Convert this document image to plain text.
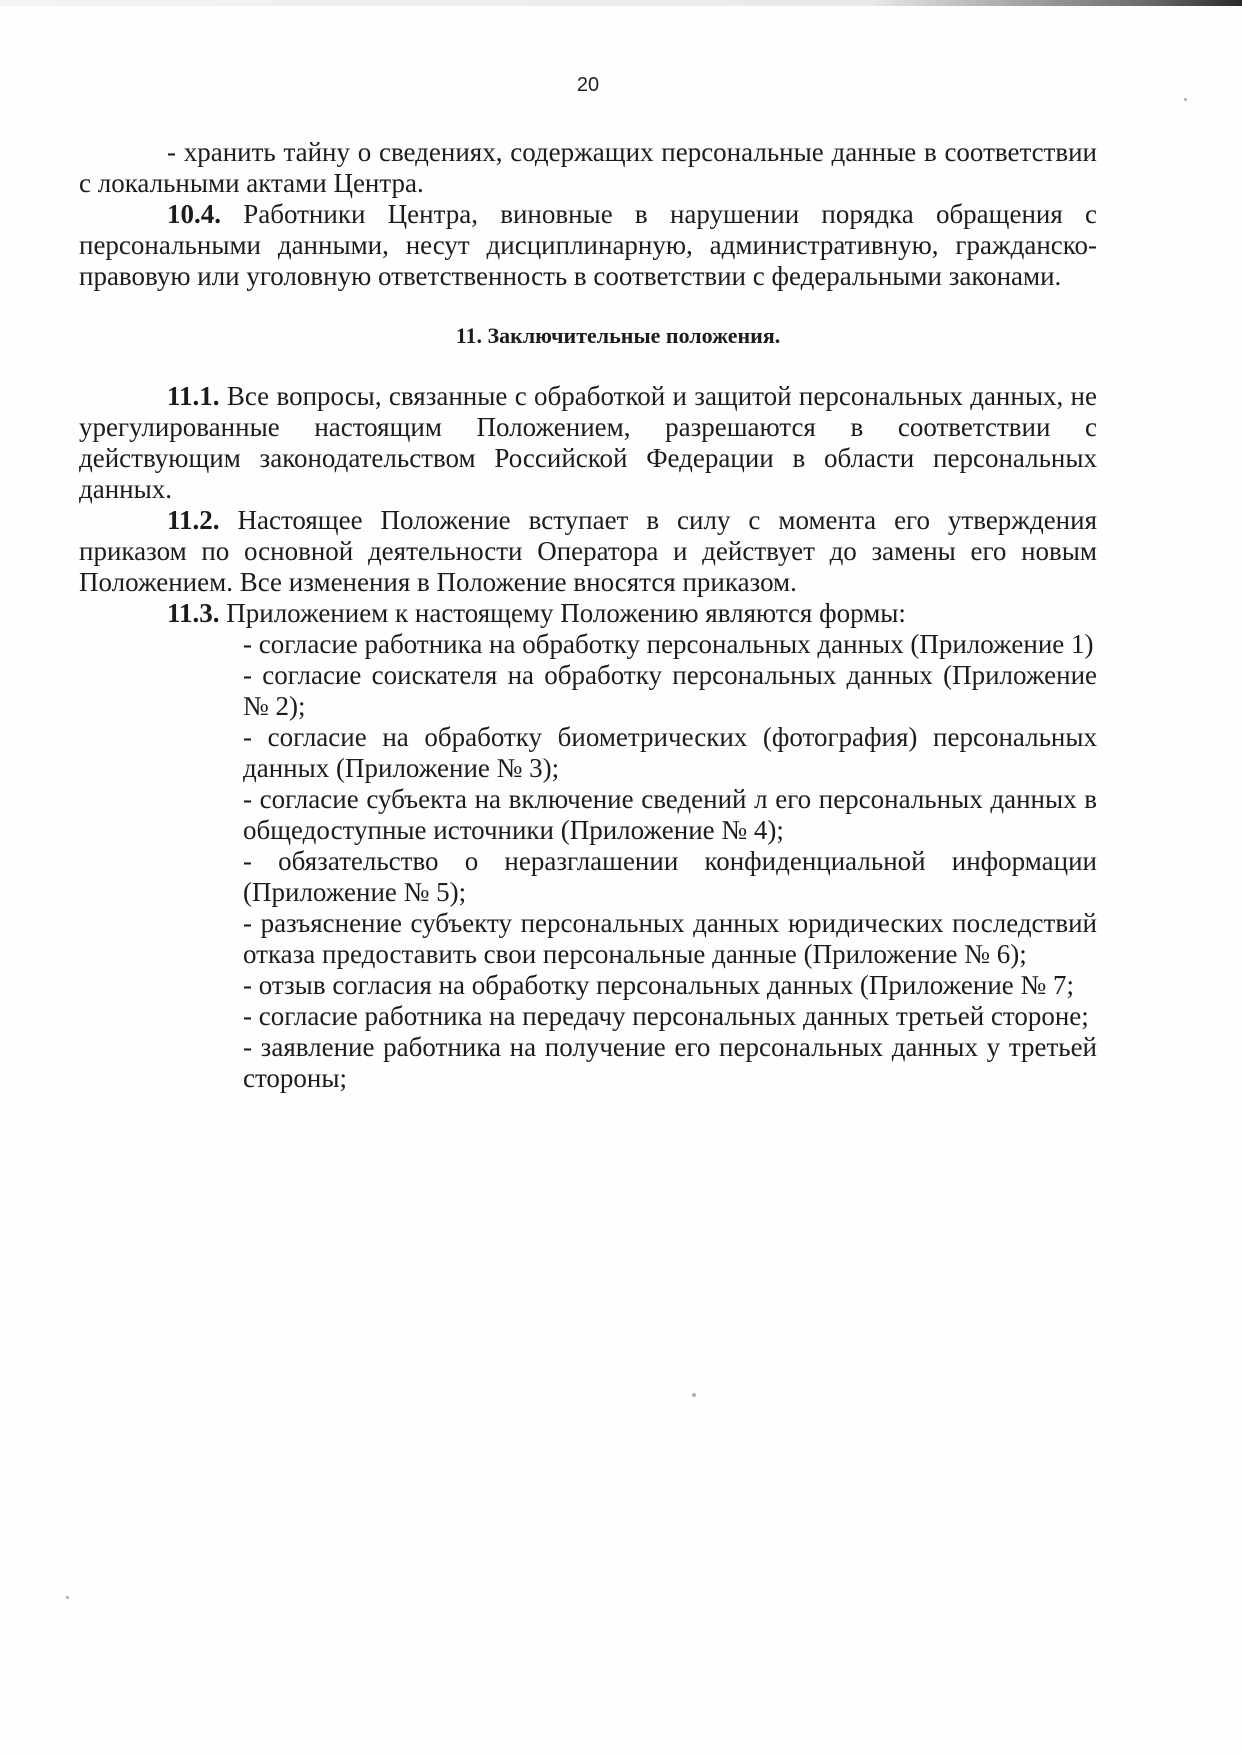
20

- хранить тайну о сведениях, содержащих персональные данные в соответствии с локальными актами Центра.

10.4. Работники Центра, виновные в нарушении порядка обращения с персональными данными, несут дисциплинарную, административную, гражданско-правовую или уголовную ответственность в соответствии с федеральными законами.

11. Заключительные положения.

11.1. Все вопросы, связанные с обработкой и защитой персональных данных, не урегулированные настоящим Положением, разрешаются в соответствии с действующим законодательством Российской Федерации в области персональных данных.

11.2. Настоящее Положение вступает в силу с момента его утверждения приказом по основной деятельности Оператора и действует до замены его новым Положением. Все изменения в Положение вносятся приказом.

11.3. Приложением к настоящему Положению являются формы:

- согласие работника на обработку персональных данных (Приложение 1)
- согласие соискателя на обработку персональных данных (Приложение № 2);
- согласие на обработку биометрических (фотография) персональных данных (Приложение № 3);
- согласие субъекта на включение сведений л его персональных данных в общедоступные источники (Приложение № 4);
- обязательство о неразглашении конфиденциальной информации (Приложение № 5);
- разъяснение субъекту персональных данных юридических последствий отказа предоставить свои персональные данные (Приложение № 6);
- отзыв согласия на обработку персональных данных (Приложение № 7;
- согласие работника на передачу персональных данных третьей стороне;
- заявление работника на получение его персональных данных у третьей стороны;
